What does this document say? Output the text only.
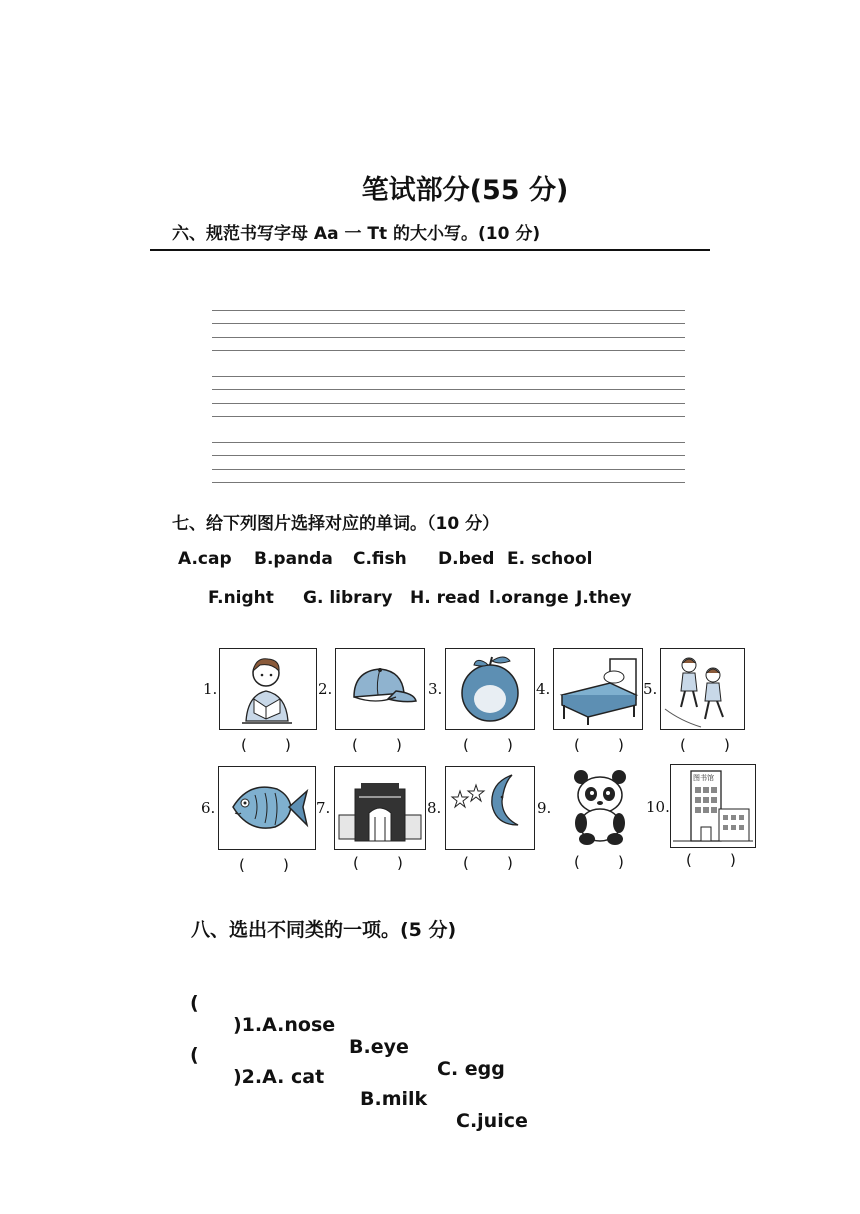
笔试部分(55 分)
六、规范书写字母 Aa 一 Tt 的大小写。(10 分)
七、给下列图片选择对应的单词。（10 分）
A.cap B.panda C.fish D.bed E. school
F.night G. library H. read l.orange J.they
1.
(        )
2.
(        )
3.
(        )
4.
(        )
5.
(        )
6.
(        )
7.
(        )
8.
(        )
9.
(        )
10.
图书馆
(        )
八、选出不同类的一项。(5 分)

(

)1.A.nose

B.eye

C. egg

(

)2.A. cat

B.milk

C.juice
